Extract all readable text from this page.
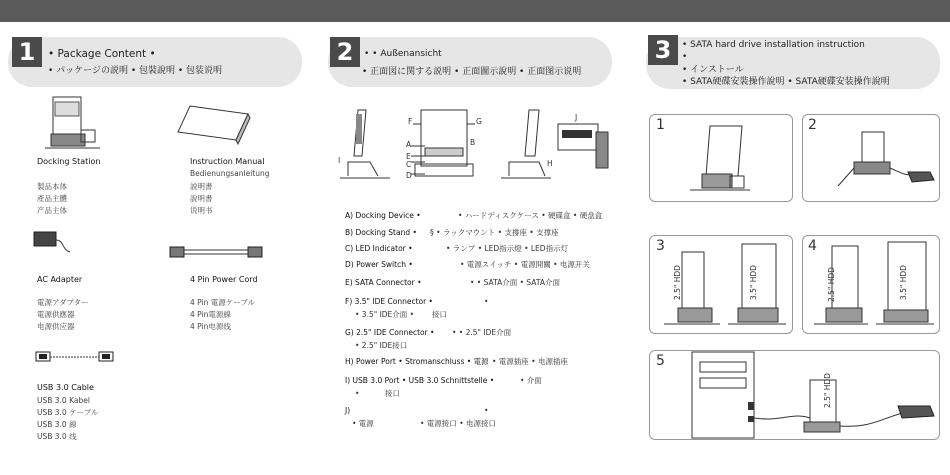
1	• Package Content •
• パッケージの説明 • 包裝說明 • 包装说明
2	• • Außenansicht
• 正面図に関する説明 • 正面圖示說明 • 正面图示说明
3	• SATA hard drive installation instruction
•
• インストール
• SATA硬碟安裝操作說明 • SATA硬碟安装操作說明
Docking Station
製品本体
產品主體
产品主体
Instruction Manual
Bedienungsanleitung
説明書
說明書
说明书
AC Adapter
電源アダプター
電源供應器
电源供应器
4 Pin Power Cord
4 Pin 電源ケーブル
4 Pin電源線
4 Pin电源线
USB 3.0 Cable
USB 3.0 Kabel
USB 3.0 ケーブル
USB 3.0 線
USB 3.0 线
F	G
A	B
E
C
D
I	H
J
A) Docking Device •	• ハードディスクケース • 硬碟盒 • 硬盘盒
B) Docking Stand • § • ラックマウント • 支撐座 • 支撑座
C) LED Indicator •	• ランプ • LED指示燈 • LED指示灯
D) Power Switch •	• 電源スイッチ • 電源開關 • 电源开关
E) SATA Connector •	• • SATA介面 • SATA介面
F) 3.5" IDE Connector •	•
• 3.5" IDE介面 • 接口
G) 2.5" IDE Connector • • • 2.5" IDE介面
• 2.5" IDE接口
H) Power Port • Stromanschluss • 電源 • 電源插座 • 电源插座
I) USB 3.0 Port • USB 3.0 Schnittstelle •	• 介面
•	接口
J)	•
• 電源	• 電源接口 • 电源接口
1	2
3
2.5" HDD	3.5" HDD
4
2.5" HDD	3.5" HDD
5
2.5" HDD
